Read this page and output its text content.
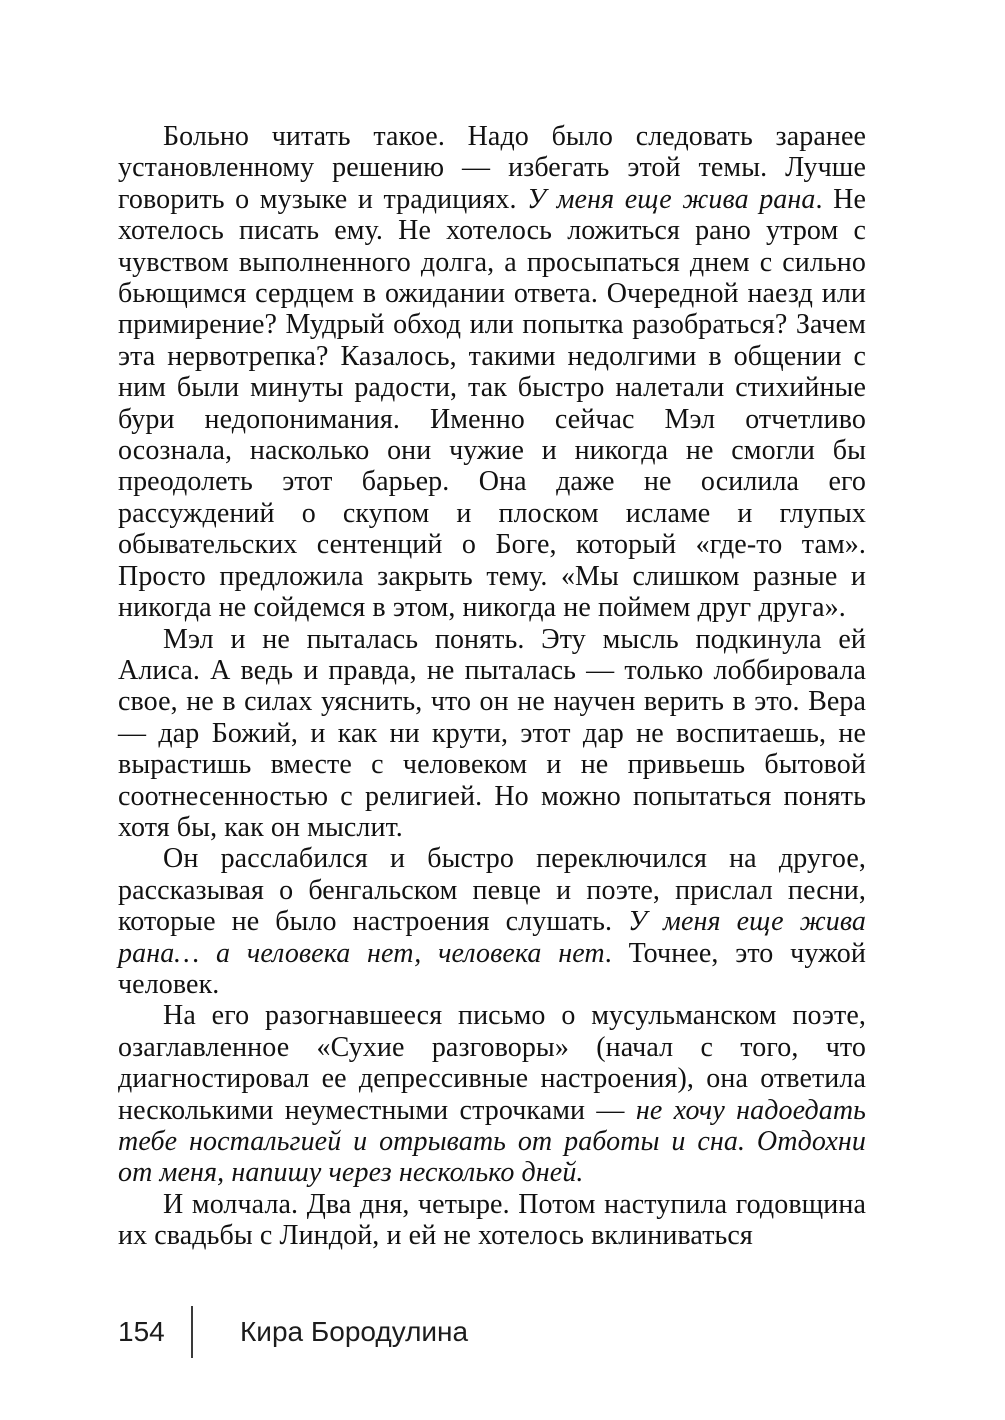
Больно читать такое. Надо было следовать заранее установленному решению — избегать этой темы. Лучше говорить о музыке и традициях. У меня еще жива рана. Не хотелось писать ему. Не хотелось ложиться рано утром с чувством выполненного долга, а просыпаться днем с сильно бьющимся сердцем в ожидании ответа. Очередной наезд или примирение? Мудрый обход или попытка разобраться? Зачем эта нервотрепка? Казалось, такими недолгими в общении с ним были минуты радости, так быстро налетали стихийные бури недопонимания. Именно сейчас Мэл отчетливо осознала, насколько они чужие и никогда не смогли бы преодолеть этот барьер. Она даже не осилила его рассуждений о скупом и плоском исламе и глупых обывательских сентенций о Боге, который «где-то там». Просто предложила закрыть тему. «Мы слишком разные и никогда не сойдемся в этом, никогда не поймем друг друга».

Мэл и не пыталась понять. Эту мысль подкинула ей Алиса. А ведь и правда, не пыталась — только лоббировала свое, не в силах уяснить, что он не научен верить в это. Вера — дар Божий, и как ни крути, этот дар не воспитаешь, не вырастишь вместе с человеком и не привьешь бытовой соотнесенностью с религией. Но можно попытаться понять хотя бы, как он мыслит.

Он расслабился и быстро переключился на другое, рассказывая о бенгальском певце и поэте, прислал песни, которые не было настроения слушать. У меня еще жива рана… а человека нет, человека нет. Точнее, это чужой человек.

На его разогнавшееся письмо о мусульманском поэте, озаглавленное «Сухие разговоры» (начал с того, что диагностировал ее депрессивные настроения), она ответила несколькими неуместными строчками — не хочу надоедать тебе ностальгией и отрывать от работы и сна. Отдохни от меня, напишу через несколько дней.

И молчала. Два дня, четыре. Потом наступила годовщина их свадьбы с Линдой, и ей не хотелось вклиниваться

154	Кира Бородулина
